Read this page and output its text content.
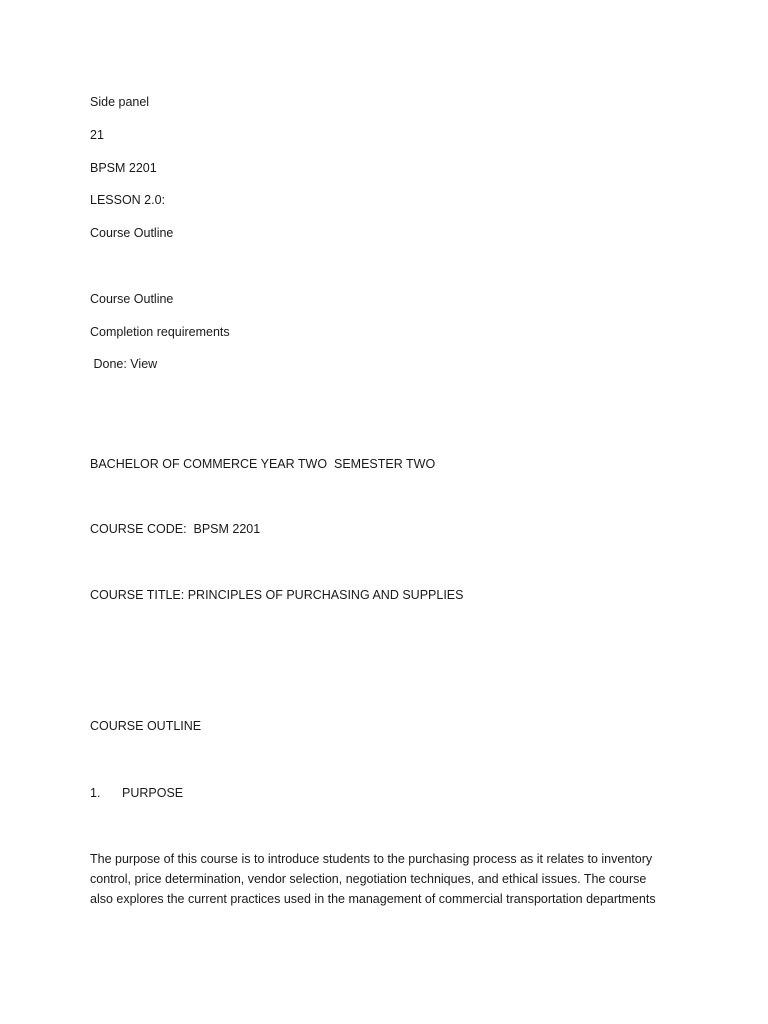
Side panel
21
BPSM 2201
LESSON 2.0:
Course Outline
Course Outline
Completion requirements
Done: View
BACHELOR OF COMMERCE YEAR TWO  SEMESTER TWO
COURSE CODE:  BPSM 2201
COURSE TITLE: PRINCIPLES OF PURCHASING AND SUPPLIES
COURSE OUTLINE
1. PURPOSE
The purpose of this course is to introduce students to the purchasing process as it relates to inventory
control, price determination, vendor selection, negotiation techniques, and ethical issues. The course
also explores the current practices used in the management of commercial transportation departments
